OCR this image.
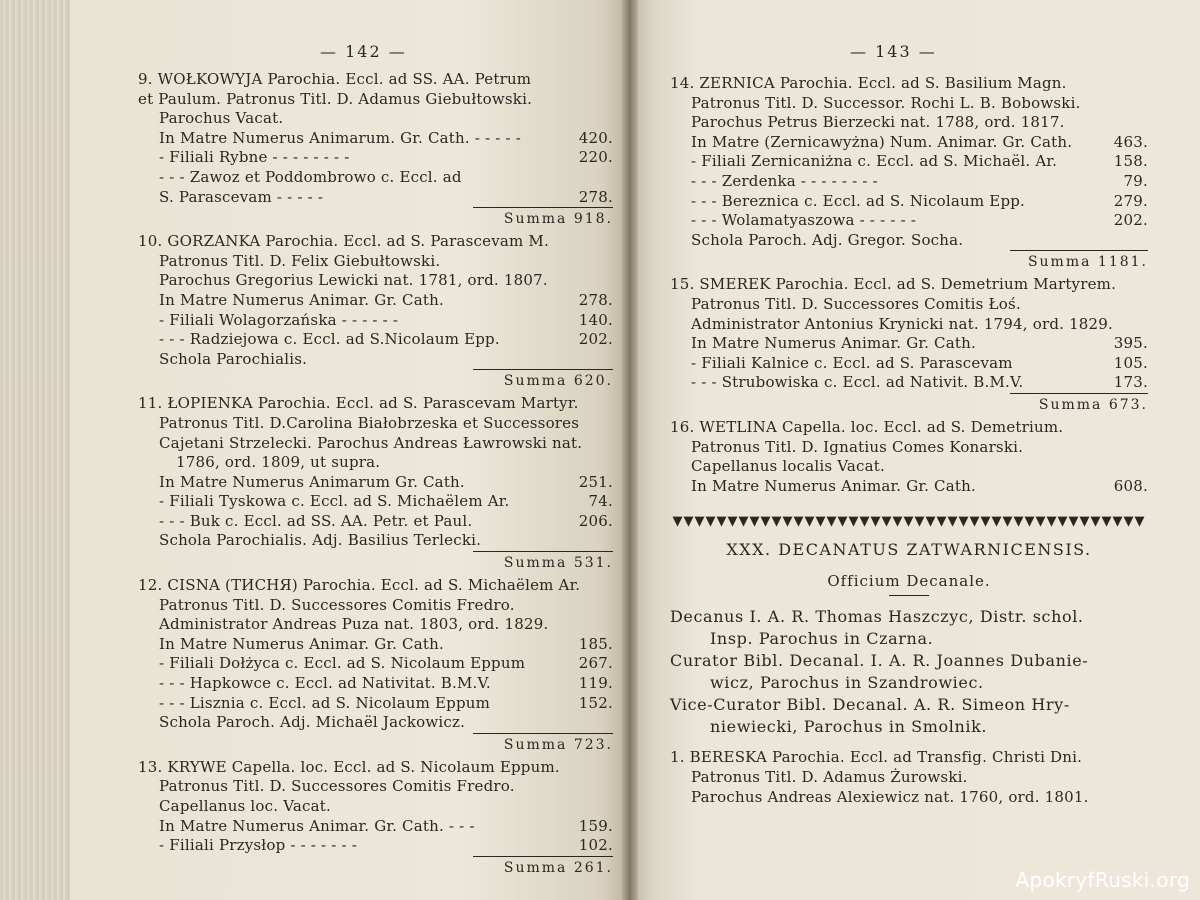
— 142 —
9. WOŁKOWYJA Parochia. Eccl. ad SS. AA. Petrum
et Paulum. Patronus Titl. D. Adamus Giebułtowski.
Parochus Vacat.
In Matre Numerus Animarum. Gr. Cath. - - - - -	420.
- Filiali Rybne - - - - - - - -	220.
- - - Zawoz et Poddombrowo c. Eccl. ad
S. Parascevam - - - - -	278.
Summa 918.
10. GORZANKA Parochia. Eccl. ad S. Parascevam M.
Patronus Titl. D. Felix Giebułtowski.
Parochus Gregorius Lewicki nat. 1781, ord. 1807.
In Matre Numerus Animar. Gr. Cath.	278.
- Filiali Wolagorzańska - - - - - -	140.
- - - Radziejowa c. Eccl. ad S.Nicolaum Epp.	202.
Schola Parochialis.
Summa 620.
11. ŁOPIENKA Parochia. Eccl. ad S. Parascevam Martyr.
Patronus Titl. D.Carolina Białobrzeska et Successores
Cajetani Strzelecki. Parochus Andreas Ławrowski nat.
1786, ord. 1809, ut supra.
In Matre Numerus Animarum Gr. Cath.	251.
- Filiali Tyskowa c. Eccl. ad S. Michaëlem Ar.	74.
- - - Buk c. Eccl. ad SS. AA. Petr. et Paul.	206.
Schola Parochialis. Adj. Basilius Terlecki.
Summa 531.
12. CISNA (ТИСНЯ) Parochia. Eccl. ad S. Michaëlem Ar.
Patronus Titl. D. Successores Comitis Fredro.
Administrator Andreas Puza nat. 1803, ord. 1829.
In Matre Numerus Animar. Gr. Cath.	185.
- Filiali Dołżyca c. Eccl. ad S. Nicolaum Eppum	267.
- - - Hapkowce c. Eccl. ad Nativitat. B.M.V.	119.
- - - Lisznia c. Eccl. ad S. Nicolaum Eppum	152.
Schola Paroch. Adj. Michaël Jackowicz.
Summa 723.
13. KRYWE Capella. loc. Eccl. ad S. Nicolaum Eppum.
Patronus Titl. D. Successores Comitis Fredro.
Capellanus loc. Vacat.
In Matre Numerus Animar. Gr. Cath. - - -	159.
- Filiali Przysłop - - - - - - -	102.
Summa 261.
— 143 —
14. ZERNICA Parochia. Eccl. ad S. Basilium Magn.
Patronus Titl. D. Successor. Rochi L. B. Bobowski.
Parochus Petrus Bierzecki nat. 1788, ord. 1817.
In Matre (Zernicawyżna) Num. Animar. Gr. Cath.	463.
- Filiali Zernicaniżna c. Eccl. ad S. Michaël. Ar.	158.
- - - Zerdenka - - - - - - - -	79.
- - - Bereznica c. Eccl. ad S. Nicolaum Epp.	279.
- - - Wolamatyaszowa - - - - - -	202.
Schola Paroch. Adj. Gregor. Socha.
Summa 1181.
15. SMEREK Parochia. Eccl. ad S. Demetrium Martyrem.
Patronus Titl. D. Successores Comitis Łoś.
Administrator Antonius Krynicki nat. 1794, ord. 1829.
In Matre Numerus Animar. Gr. Cath.	395.
- Filiali Kalnice c. Eccl. ad S. Parascevam	105.
- - - Strubowiska c. Eccl. ad Nativit. B.M.V.	173.
Summa 673.
16. WETLINA Capella. loc. Eccl. ad S. Demetrium.
Patronus Titl. D. Ignatius Comes Konarski.
Capellanus localis Vacat.
In Matre Numerus Animar. Gr. Cath.	608.
▼▼▼▼▼▼▼▼▼▼▼▼▼▼▼▼▼▼▼▼▼▼▼▼▼▼▼▼▼▼▼▼▼▼▼▼▼▼▼▼▼▼▼
XXX. DECANATUS ZATWARNICENSIS.
Officium Decanale.
Decanus I. A. R. Thomas Haszczyc, Distr. schol.
Insp. Parochus in Czarna.
Curator Bibl. Decanal. I. A. R. Joannes Dubanie-
wicz, Parochus in Szandrowiec.
Vice-Curator Bibl. Decanal. A. R. Simeon Hry-
niewiecki, Parochus in Smolnik.
1. BERESKA Parochia. Eccl. ad Transfig. Christi Dni.
Patronus Titl. D. Adamus Żurowski.
Parochus Andreas Alexiewicz nat. 1760, ord. 1801.
ApokryfRuski.org
